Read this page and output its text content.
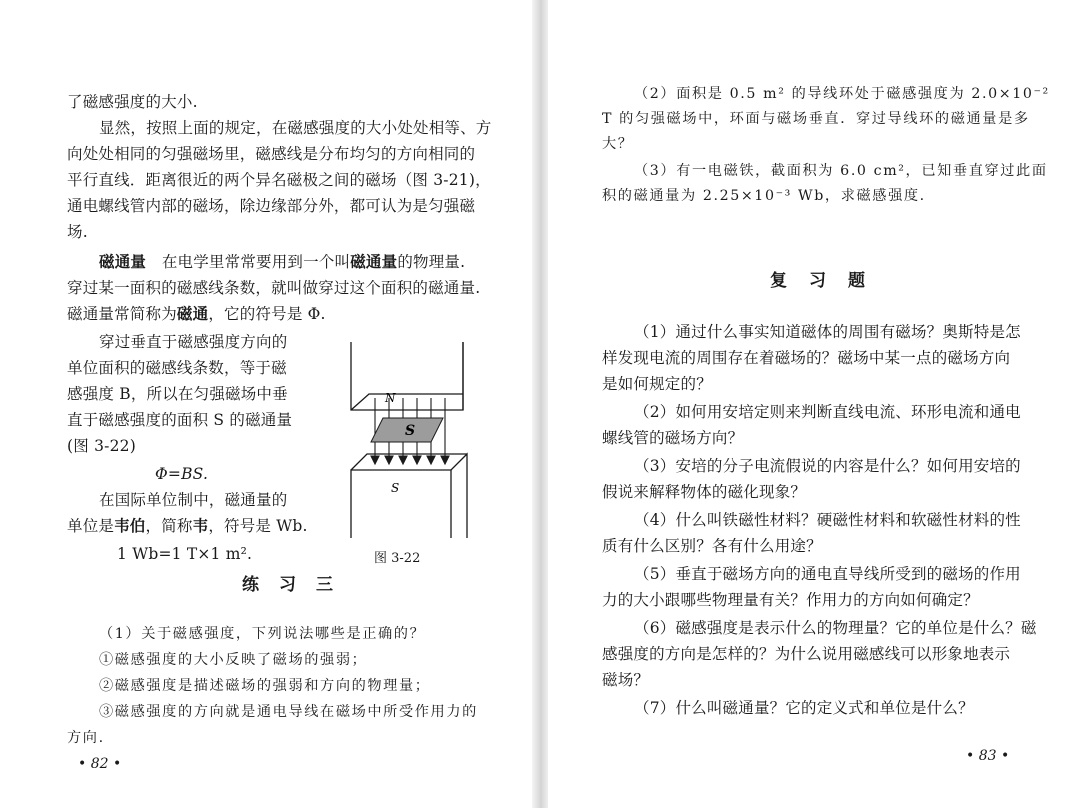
了磁感强度的大小.
显然，按照上面的规定，在磁感强度的大小处处相等、方
向处处相同的匀强磁场里，磁感线是分布均匀的方向相同的
平行直线．距离很近的两个异名磁极之间的磁场（图 3-21)，
通电螺线管内部的磁场，除边缘部分外，都可认为是匀强磁
场.
磁通量　 在电学里常常要用到一个叫磁通量的物理量.
穿过某一面积的磁感线条数，就叫做穿过这个面积的磁通量.
磁通量常简称为磁通，它的符号是 Φ.
穿过垂直于磁感强度方向的
单位面积的磁感线条数，等于磁
感强度 B，所以在匀强磁场中垂
直于磁感强度的面积 S 的磁通量
(图 3-22)
Φ=BS.
在国际单位制中，磁通量的
单位是韦伯，简称韦，符号是 Wb.
1 Wb=1 T×1 m².
N
S
S
图 3-22
练 习 三
（1）关于磁感强度，下列说法哪些是正确的？
①磁感强度的大小反映了磁场的强弱；
②磁感强度是描述磁场的强弱和方向的物理量；
③磁感强度的方向就是通电导线在磁场中所受作用力的
方向.
• 82 •
（2）面积是 0.5 m² 的导线环处于磁感强度为 2.0×10⁻²
T 的匀强磁场中，环面与磁场垂直．穿过导线环的磁通量是多
大？
（3）有一电磁铁，截面积为 6.0 cm²，已知垂直穿过此面
积的磁通量为 2.25×10⁻³ Wb，求磁感强度.
复 习 题
（1）通过什么事实知道磁体的周围有磁场？奥斯特是怎
样发现电流的周围存在着磁场的？磁场中某一点的磁场方向
是如何规定的？
（2）如何用安培定则来判断直线电流、环形电流和通电
螺线管的磁场方向？
（3）安培的分子电流假说的内容是什么？如何用安培的
假说来解释物体的磁化现象？
（4）什么叫铁磁性材料？硬磁性材料和软磁性材料的性
质有什么区别？各有什么用途？
（5）垂直于磁场方向的通电直导线所受到的磁场的作用
力的大小跟哪些物理量有关？作用力的方向如何确定？
（6）磁感强度是表示什么的物理量？它的单位是什么？磁
感强度的方向是怎样的？为什么说用磁感线可以形象地表示
磁场？
（7）什么叫磁通量？它的定义式和单位是什么？
• 83 •
